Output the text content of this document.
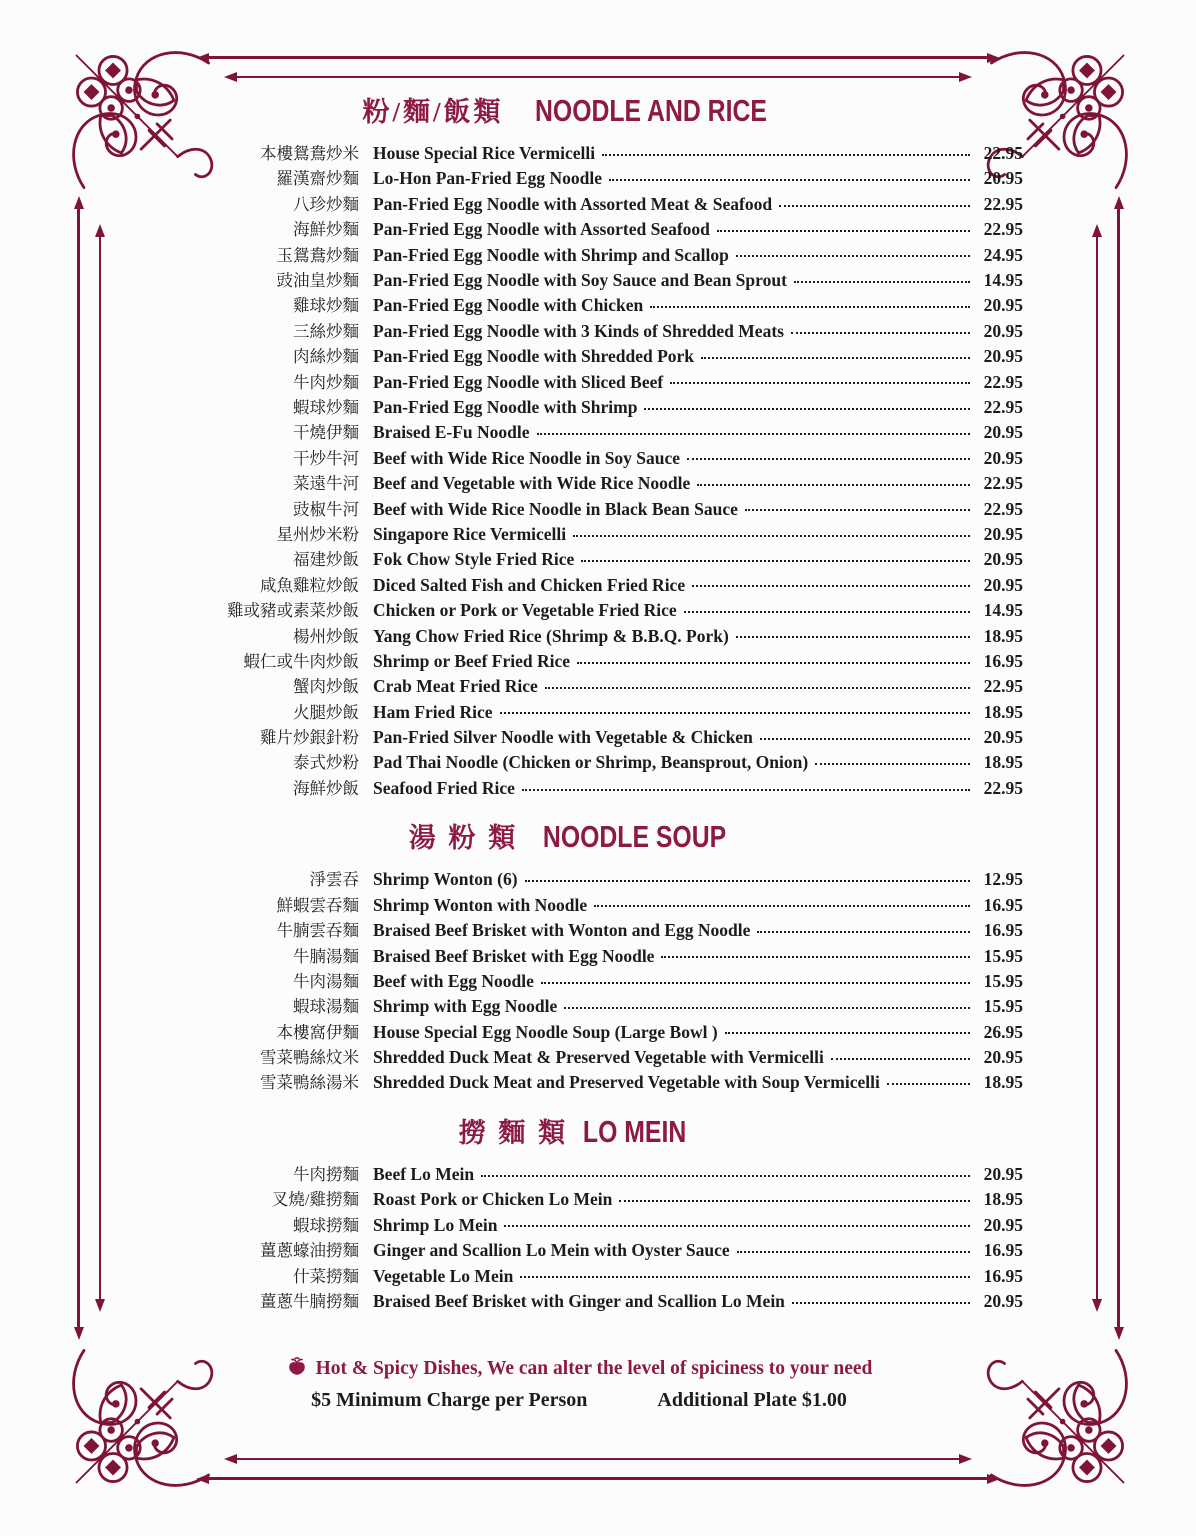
粉/麵/飯類 NOODLE AND RICE
本樓鴛鴦炒米 House Special Rice Vermicelli	22.95
羅漢齋炒麵 Lo-Hon Pan-Fried Egg Noodle	20.95
八珍炒麵 Pan-Fried Egg Noodle with Assorted Meat & Seafood	22.95
海鮮炒麵 Pan-Fried Egg Noodle with Assorted Seafood	22.95
玉鴛鴦炒麵 Pan-Fried Egg Noodle with Shrimp and Scallop	24.95
豉油皇炒麵 Pan-Fried Egg Noodle with Soy Sauce and Bean Sprout	14.95
雞球炒麵 Pan-Fried Egg Noodle with Chicken	20.95
三絲炒麵 Pan-Fried Egg Noodle with 3 Kinds of Shredded Meats	20.95
肉絲炒麵 Pan-Fried Egg Noodle with Shredded Pork	20.95
牛肉炒麵 Pan-Fried Egg Noodle with Sliced Beef	22.95
蝦球炒麵 Pan-Fried Egg Noodle with Shrimp	22.95
干燒伊麵 Braised E-Fu Noodle	20.95
干炒牛河 Beef with Wide Rice Noodle in Soy Sauce	20.95
菜遠牛河 Beef and Vegetable with Wide Rice Noodle	22.95
豉椒牛河 Beef with Wide Rice Noodle in Black Bean Sauce	22.95
星州炒米粉 Singapore Rice Vermicelli	20.95
福建炒飯 Fok Chow Style Fried Rice	20.95
咸魚雞粒炒飯 Diced Salted Fish and Chicken Fried Rice	20.95
雞或豬或素菜炒飯 Chicken or Pork or Vegetable Fried Rice	14.95
楊州炒飯 Yang Chow Fried Rice (Shrimp & B.B.Q. Pork)	18.95
蝦仁或牛肉炒飯 Shrimp or Beef Fried Rice	16.95
蟹肉炒飯 Crab Meat Fried Rice	22.95
火腿炒飯 Ham Fried Rice	18.95
雞片炒銀針粉 Pan-Fried Silver Noodle with Vegetable & Chicken	20.95
泰式炒粉 Pad Thai Noodle (Chicken or Shrimp, Beansprout, Onion)	18.95
海鮮炒飯 Seafood Fried Rice	22.95
湯 粉 類 NOODLE SOUP
淨雲吞 Shrimp Wonton (6)	12.95
鮮蝦雲吞麵 Shrimp Wonton with Noodle	16.95
牛腩雲吞麵 Braised Beef Brisket with Wonton and Egg Noodle	16.95
牛腩湯麵 Braised Beef Brisket with Egg Noodle	15.95
牛肉湯麵 Beef with Egg Noodle	15.95
蝦球湯麵 Shrimp with Egg Noodle	15.95
本樓窩伊麵 House Special Egg Noodle Soup (Large Bowl )	26.95
雪菜鴨絲炆米 Shredded Duck Meat & Preserved Vegetable with Vermicelli	20.95
雪菜鴨絲湯米 Shredded Duck Meat and Preserved Vegetable with Soup Vermicelli	18.95
撈 麵 類 LO MEIN
牛肉撈麵 Beef Lo Mein	20.95
叉燒/雞撈麵 Roast Pork or Chicken Lo Mein	18.95
蝦球撈麵 Shrimp Lo Mein	20.95
薑蔥蠔油撈麵 Ginger and Scallion Lo Mein with Oyster Sauce	16.95
什菜撈麵 Vegetable Lo Mein	16.95
薑蔥牛腩撈麵 Braised Beef Brisket with Ginger and Scallion Lo Mein	20.95
Hot & Spicy Dishes, We can alter the level of spiciness to your need
$5 Minimum Charge per Person	Additional Plate $1.00
